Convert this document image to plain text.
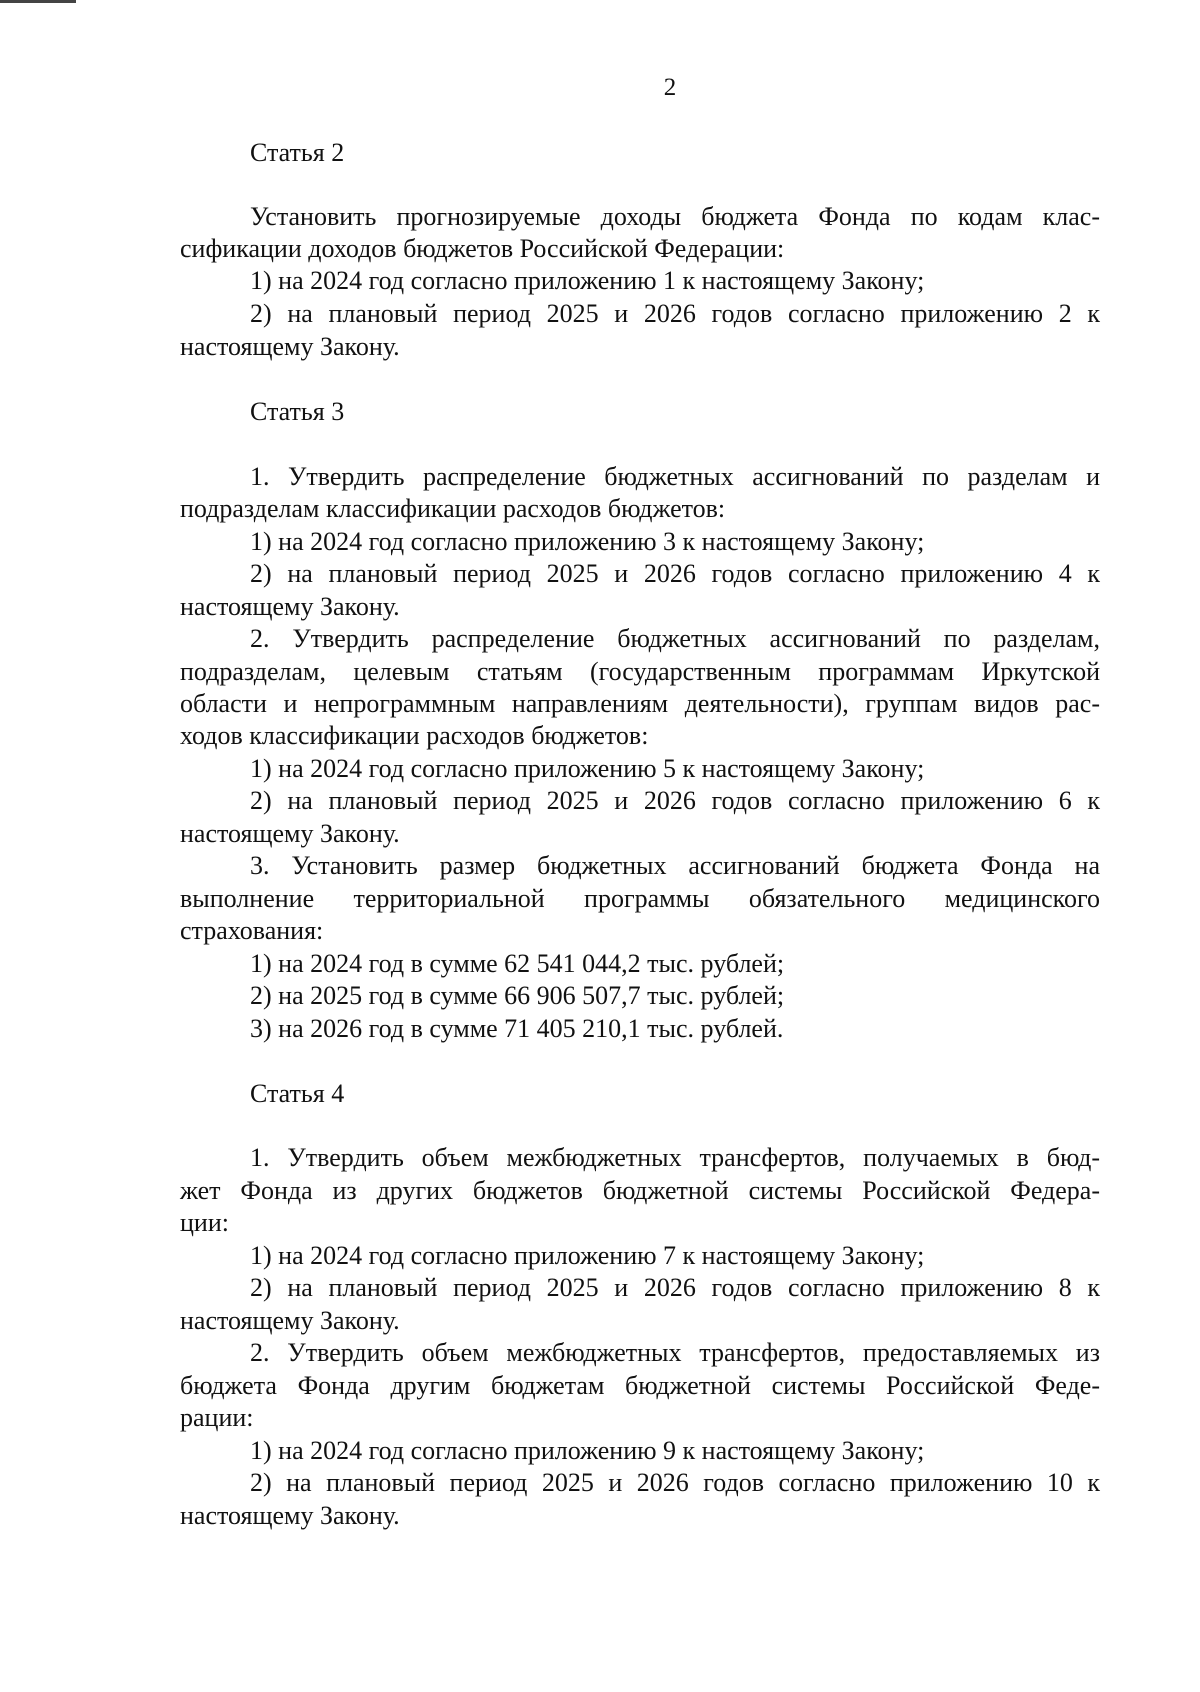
2
Статья 2
Установить прогнозируемые доходы бюджета Фонда по кодам клас-
сификации доходов бюджетов Российской Федерации:
1) на 2024 год согласно приложению 1 к настоящему Закону;
2) на плановый период 2025 и 2026 годов согласно приложению 2 к
настоящему Закону.
Статья 3
1. Утвердить распределение бюджетных ассигнований по разделам и
подразделам классификации расходов бюджетов:
1) на 2024 год согласно приложению 3 к настоящему Закону;
2) на плановый период 2025 и 2026 годов согласно приложению 4 к
настоящему Закону.
2. Утвердить распределение бюджетных ассигнований по разделам,
подразделам, целевым статьям (государственным программам Иркутской
области и непрограммным направлениям деятельности), группам видов рас-
ходов классификации расходов бюджетов:
1) на 2024 год согласно приложению 5 к настоящему Закону;
2) на плановый период 2025 и 2026 годов согласно приложению 6 к
настоящему Закону.
3. Установить размер бюджетных ассигнований бюджета Фонда на
выполнение территориальной программы обязательного медицинского
страхования:
1) на 2024 год в сумме 62 541 044,2 тыс. рублей;
2) на 2025 год в сумме 66 906 507,7 тыс. рублей;
3) на 2026 год в сумме 71 405 210,1 тыс. рублей.
Статья 4
1. Утвердить объем межбюджетных трансфертов, получаемых в бюд-
жет Фонда из других бюджетов бюджетной системы Российской Федера-
ции:
1) на 2024 год согласно приложению 7 к настоящему Закону;
2) на плановый период 2025 и 2026 годов согласно приложению 8 к
настоящему Закону.
2. Утвердить объем межбюджетных трансфертов, предоставляемых из
бюджета Фонда другим бюджетам бюджетной системы Российской Феде-
рации:
1) на 2024 год согласно приложению 9 к настоящему Закону;
2) на плановый период 2025 и 2026 годов согласно приложению 10 к
настоящему Закону.
